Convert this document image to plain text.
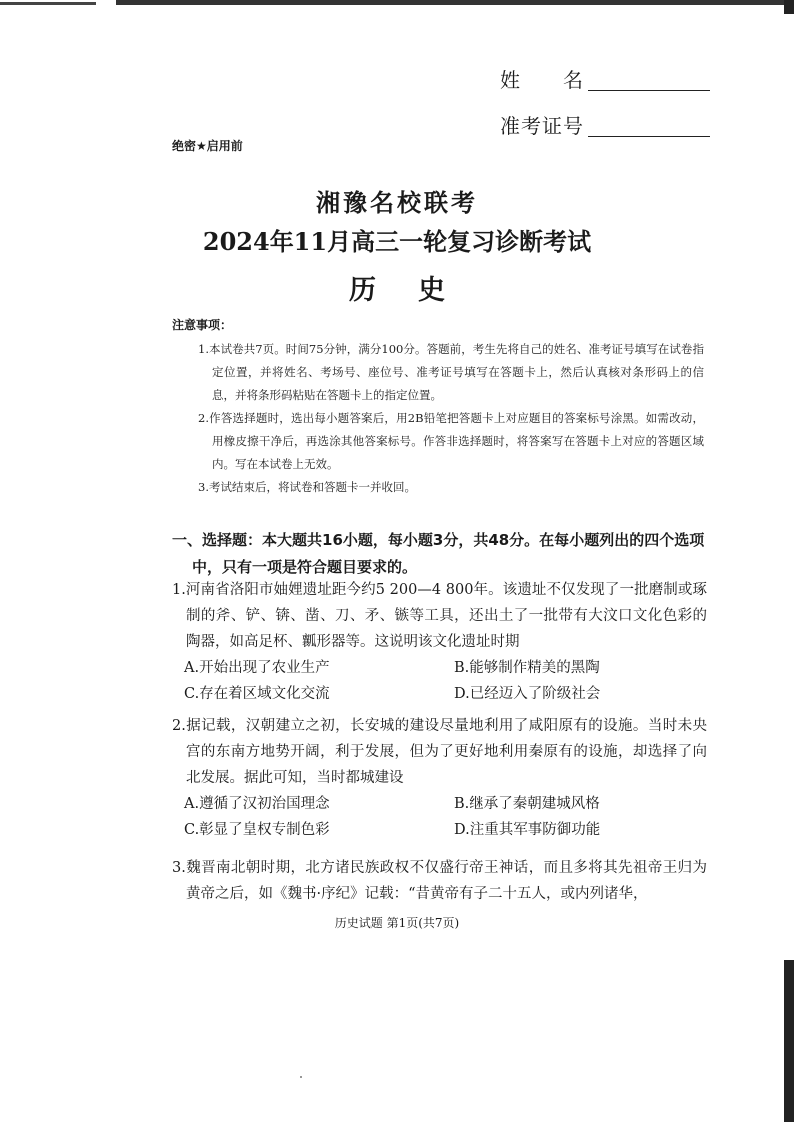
姓　　名
准考证号
绝密★启用前
湘豫名校联考
2024年11月高三一轮复习诊断考试
历史
注意事项：

1.本试卷共7页。时间75分钟，满分100分。答题前，考生先将自己的姓名、准考证号填写在试卷指定位置，并将姓名、考场号、座位号、准考证号填写在答题卡上，然后认真核对条形码上的信息，并将条形码粘贴在答题卡上的指定位置。

2.作答选择题时，选出每小题答案后，用2B铅笔把答题卡上对应题目的答案标号涂黑。如需改动，用橡皮擦干净后，再选涂其他答案标号。作答非选择题时，将答案写在答题卡上对应的答题区域内。写在本试卷上无效。

3.考试结束后，将试卷和答题卡一并收回。

一、选择题：本大题共16小题，每小题3分，共48分。在每小题列出的四个选项中，只有一项是符合题目要求的。
1.河南省洛阳市妯娌遗址距今约5 200—4 800年。该遗址不仅发现了一批磨制或琢制的斧、铲、锛、凿、刀、矛、镞等工具，还出土了一批带有大汶口文化色彩的陶器，如高足杯、瓤形器等。这说明该文化遗址时期
A.开始出现了农业生产	B.能够制作精美的黑陶
C.存在着区域文化交流	D.已经迈入了阶级社会
2.据记载，汉朝建立之初，长安城的建设尽量地利用了咸阳原有的设施。当时未央宫的东南方地势开阔，利于发展，但为了更好地利用秦原有的设施，却选择了向北发展。据此可知，当时都城建设
A.遵循了汉初治国理念	B.继承了秦朝建城风格
C.彰显了皇权专制色彩	D.注重其军事防御功能
3.魏晋南北朝时期，北方诸民族政权不仅盛行帝王神话，而且多将其先祖帝王归为黄帝之后，如《魏书·序纪》记载：“昔黄帝有子二十五人，或内列诸华，
历史试题 第1页(共7页)
